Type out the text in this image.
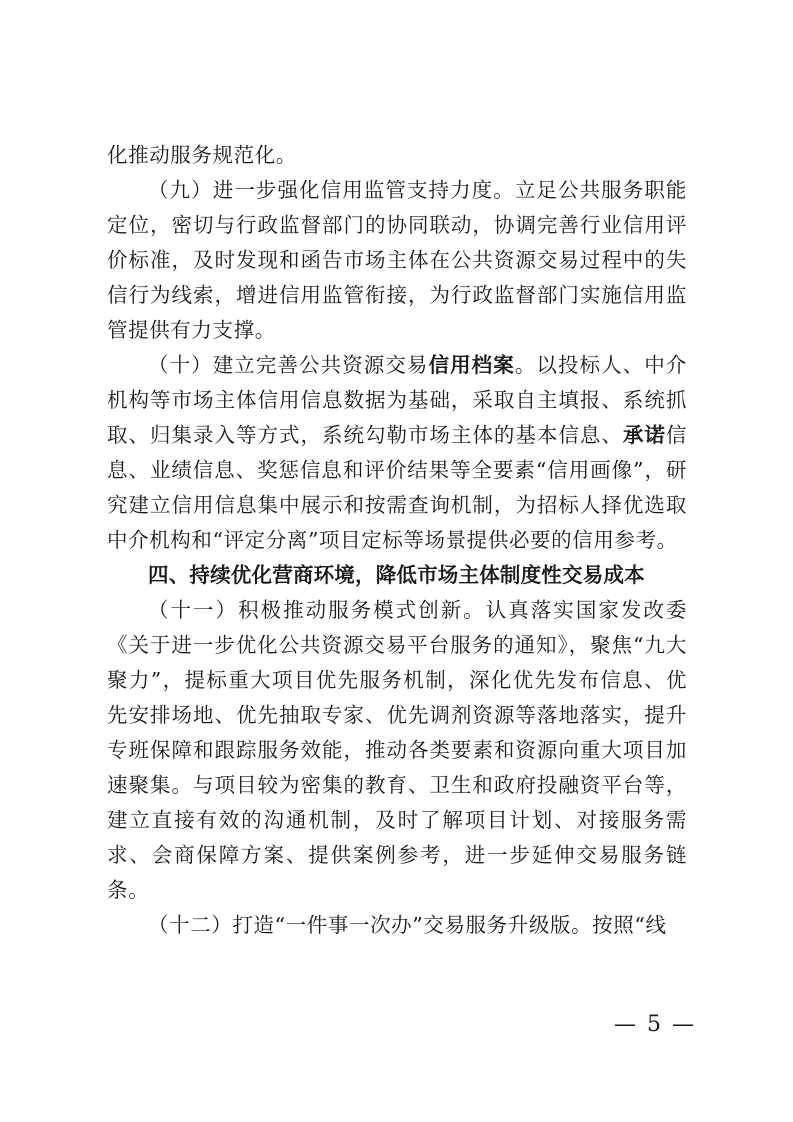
化推动服务规范化。

（九）进一步强化信用监管支持力度。立足公共服务职能定位，密切与行政监督部门的协同联动，协调完善行业信用评价标准，及时发现和函告市场主体在公共资源交易过程中的失信行为线索，增进信用监管衔接，为行政监督部门实施信用监管提供有力支撑。

（十）建立完善公共资源交易信用档案。以投标人、中介机构等市场主体信用信息数据为基础，采取自主填报、系统抓取、归集录入等方式，系统勾勒市场主体的基本信息、承诺信息、业绩信息、奖惩信息和评价结果等全要素“信用画像”，研究建立信用信息集中展示和按需查询机制，为招标人择优选取中介机构和“评定分离”项目定标等场景提供必要的信用参考。

四、持续优化营商环境，降低市场主体制度性交易成本

（十一）积极推动服务模式创新。认真落实国家发改委《关于进一步优化公共资源交易平台服务的通知》，聚焦“九大聚力”，提标重大项目优先服务机制，深化优先发布信息、优先安排场地、优先抽取专家、优先调剂资源等落地落实，提升专班保障和跟踪服务效能，推动各类要素和资源向重大项目加速聚集。与项目较为密集的教育、卫生和政府投融资平台等，建立直接有效的沟通机制，及时了解项目计划、对接服务需求、会商保障方案、提供案例参考，进一步延伸交易服务链条。

（十二）打造“一件事一次办”交易服务升级版。按照“线

— 5 —
